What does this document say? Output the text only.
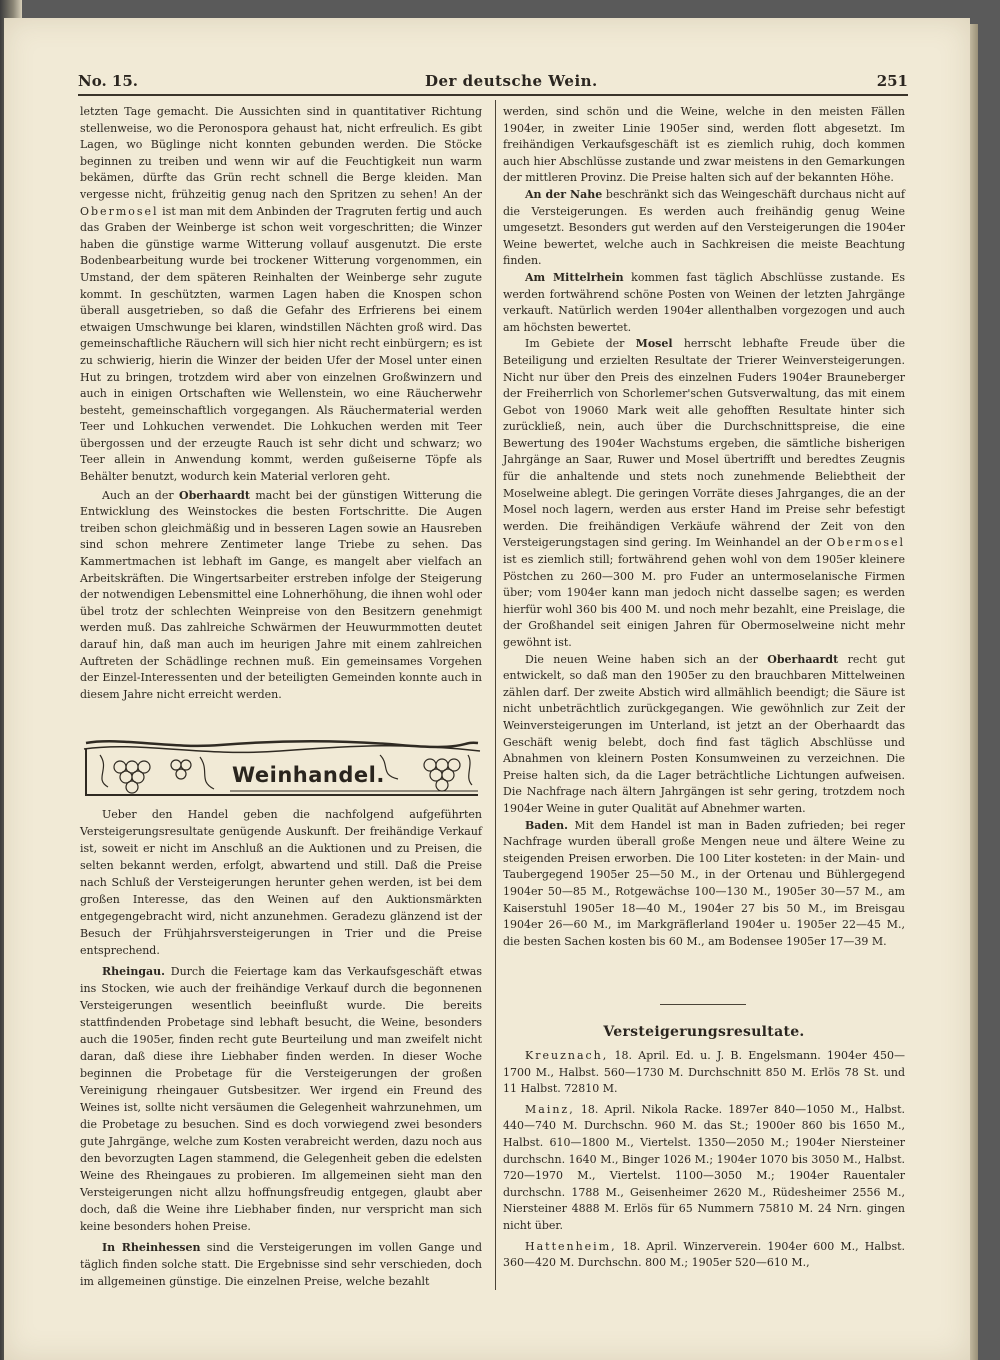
No. 15.	Der deutsche Wein.	251

letzten Tage gemacht. Die Aussichten sind in quantitativer Richtung stellenweise, wo die Peronospora gehaust hat, nicht erfreulich. Es gibt Lagen, wo Büglinge nicht konnten gebunden werden. Die Stöcke beginnen zu treiben und wenn wir auf die Feuchtigkeit nun warm bekämen, dürfte das Grün recht schnell die Berge kleiden. Man vergesse nicht, frühzeitig genug nach den Spritzen zu sehen! An der Obermosel ist man mit dem Anbinden der Tragruten fertig und auch das Graben der Weinberge ist schon weit vorgeschritten; die Winzer haben die günstige warme Witterung vollauf ausgenutzt. Die erste Bodenbearbeitung wurde bei trockener Witterung vorgenommen, ein Umstand, der dem späteren Reinhalten der Weinberge sehr zugute kommt. In geschützten, warmen Lagen haben die Knospen schon überall ausgetrieben, so daß die Gefahr des Erfrierens bei einem etwaigen Umschwunge bei klaren, windstillen Nächten groß wird. Das gemeinschaftliche Räuchern will sich hier nicht recht einbürgern; es ist zu schwierig, hierin die Winzer der beiden Ufer der Mosel unter einen Hut zu bringen, trotzdem wird aber von einzelnen Großwinzern und auch in einigen Ortschaften wie Wellenstein, wo eine Räucherwehr besteht, gemeinschaftlich vorgegangen. Als Räuchermaterial werden Teer und Lohkuchen verwendet. Die Lohkuchen werden mit Teer übergossen und der erzeugte Rauch ist sehr dicht und schwarz; wo Teer allein in Anwendung kommt, werden gußeiserne Töpfe als Behälter benutzt, wodurch kein Material verloren geht.

Auch an der Oberhaardt macht bei der günstigen Witterung die Entwicklung des Weinstockes die besten Fortschritte. Die Augen treiben schon gleichmäßig und in besseren Lagen sowie an Hausreben sind schon mehrere Zentimeter lange Triebe zu sehen. Das Kammertmachen ist lebhaft im Gange, es mangelt aber vielfach an Arbeitskräften. Die Wingertsarbeiter erstreben infolge der Steigerung der notwendigen Lebensmittel eine Lohnerhöhung, die ihnen wohl oder übel trotz der schlechten Weinpreise von den Besitzern genehmigt werden muß. Das zahlreiche Schwärmen der Heuwurmmotten deutet darauf hin, daß man auch im heurigen Jahre mit einem zahlreichen Auftreten der Schädlinge rechnen muß. Ein gemeinsames Vorgehen der Einzel-Interessenten und der beteiligten Gemeinden konnte auch in diesem Jahre nicht erreicht werden.

Weinhandel.

Ueber den Handel geben die nachfolgend aufgeführten Versteigerungsresultate genügende Auskunft. Der freihändige Verkauf ist, soweit er nicht im Anschluß an die Auktionen und zu Preisen, die selten bekannt werden, erfolgt, abwartend und still. Daß die Preise nach Schluß der Versteigerungen herunter gehen werden, ist bei dem großen Interesse, das den Weinen auf den Auktionsmärkten entgegengebracht wird, nicht anzunehmen. Geradezu glänzend ist der Besuch der Frühjahrsversteigerungen in Trier und die Preise entsprechend.

Rheingau. Durch die Feiertage kam das Verkaufsgeschäft etwas ins Stocken, wie auch der freihändige Verkauf durch die begonnenen Versteigerungen wesentlich beeinflußt wurde. Die bereits stattfindenden Probetage sind lebhaft besucht, die Weine, besonders auch die 1905er, finden recht gute Beurteilung und man zweifelt nicht daran, daß diese ihre Liebhaber finden werden. In dieser Woche beginnen die Probetage für die Versteigerungen der großen Vereinigung rheingauer Gutsbesitzer. Wer irgend ein Freund des Weines ist, sollte nicht versäumen die Gelegenheit wahrzunehmen, um die Probetage zu besuchen. Sind es doch vorwiegend zwei besonders gute Jahrgänge, welche zum Kosten verabreicht werden, dazu noch aus den bevorzugten Lagen stammend, die Gelegenheit geben die edelsten Weine des Rheingaues zu probieren. Im allgemeinen sieht man den Versteigerungen nicht allzu hoffnungsfreudig entgegen, glaubt aber doch, daß die Weine ihre Liebhaber finden, nur verspricht man sich keine besonders hohen Preise.

In Rheinhessen sind die Versteigerungen im vollen Gange und täglich finden solche statt. Die Ergebnisse sind sehr verschieden, doch im allgemeinen günstige. Die einzelnen Preise, welche bezahlt

werden, sind schön und die Weine, welche in den meisten Fällen 1904er, in zweiter Linie 1905er sind, werden flott abgesetzt. Im freihändigen Verkaufsgeschäft ist es ziemlich ruhig, doch kommen auch hier Abschlüsse zustande und zwar meistens in den Gemarkungen der mittleren Provinz. Die Preise halten sich auf der bekannten Höhe.

An der Nahe beschränkt sich das Weingeschäft durchaus nicht auf die Versteigerungen. Es werden auch freihändig genug Weine umgesetzt. Besonders gut werden auf den Versteigerungen die 1904er Weine bewertet, welche auch in Sachkreisen die meiste Beachtung finden.

Am Mittelrhein kommen fast täglich Abschlüsse zustande. Es werden fortwährend schöne Posten von Weinen der letzten Jahrgänge verkauft. Natürlich werden 1904er allenthalben vorgezogen und auch am höchsten bewertet.

Im Gebiete der Mosel herrscht lebhafte Freude über die Beteiligung und erzielten Resultate der Trierer Weinversteigerungen. Nicht nur über den Preis des einzelnen Fuders 1904er Brauneberger der Freiherrlich von Schorlemer'schen Gutsverwaltung, das mit einem Gebot von 19060 Mark weit alle gehofften Resultate hinter sich zurückließ, nein, auch über die Durchschnittspreise, die eine Bewertung des 1904er Wachstums ergeben, die sämtliche bisherigen Jahrgänge an Saar, Ruwer und Mosel übertrifft und beredtes Zeugnis für die anhaltende und stets noch zunehmende Beliebtheit der Moselweine ablegt. Die geringen Vorräte dieses Jahrganges, die an der Mosel noch lagern, werden aus erster Hand im Preise sehr befestigt werden. Die freihändigen Verkäufe während der Zeit von den Versteigerungstagen sind gering. Im Weinhandel an der Obermosel ist es ziemlich still; fortwährend gehen wohl von dem 1905er kleinere Pöstchen zu 260—300 M. pro Fuder an untermoselanische Firmen über; vom 1904er kann man jedoch nicht dasselbe sagen; es werden hierfür wohl 360 bis 400 M. und noch mehr bezahlt, eine Preislage, die der Großhandel seit einigen Jahren für Obermoselweine nicht mehr gewöhnt ist.

Die neuen Weine haben sich an der Oberhaardt recht gut entwickelt, so daß man den 1905er zu den brauchbaren Mittelweinen zählen darf. Der zweite Abstich wird allmählich beendigt; die Säure ist nicht unbeträchtlich zurückgegangen. Wie gewöhnlich zur Zeit der Weinversteigerungen im Unterland, ist jetzt an der Oberhaardt das Geschäft wenig belebt, doch find fast täglich Abschlüsse und Abnahmen von kleinern Posten Konsumweinen zu verzeichnen. Die Preise halten sich, da die Lager beträchtliche Lichtungen aufweisen. Die Nachfrage nach ältern Jahrgängen ist sehr gering, trotzdem noch 1904er Weine in guter Qualität auf Abnehmer warten.

Baden. Mit dem Handel ist man in Baden zufrieden; bei reger Nachfrage wurden überall große Mengen neue und ältere Weine zu steigenden Preisen erworben. Die 100 Liter kosteten: in der Main- und Taubergegend 1905er 25—50 M., in der Ortenau und Bühlergegend 1904er 50—85 M., Rotgewächse 100—130 M., 1905er 30—57 M., am Kaiserstuhl 1905er 18—40 M., 1904er 27 bis 50 M., im Breisgau 1904er 26—60 M., im Markgräflerland 1904er u. 1905er 22—45 M., die besten Sachen kosten bis 60 M., am Bodensee 1905er 17—39 M.

Versteigerungsresultate.

Kreuznach, 18. April. Ed. u. J. B. Engelsmann. 1904er 450—1700 M., Halbst. 560—1730 M. Durchschnitt 850 M. Erlös 78 St. und 11 Halbst. 72810 M.

Mainz, 18. April. Nikola Racke. 1897er 840—1050 M., Halbst. 440—740 M. Durchschn. 960 M. das St.; 1900er 860 bis 1650 M., Halbst. 610—1800 M., Viertelst. 1350—2050 M.; 1904er Niersteiner durchschn. 1640 M., Binger 1026 M.; 1904er 1070 bis 3050 M., Halbst. 720—1970 M., Viertelst. 1100—3050 M.; 1904er Rauentaler durchschn. 1788 M., Geisenheimer 2620 M., Rüdesheimer 2556 M., Niersteiner 4888 M. Erlös für 65 Nummern 75810 M. 24 Nrn. gingen nicht über.

Hattenheim, 18. April. Winzerverein. 1904er 600 M., Halbst. 360—420 M. Durchschn. 800 M.; 1905er 520—610 M.,
